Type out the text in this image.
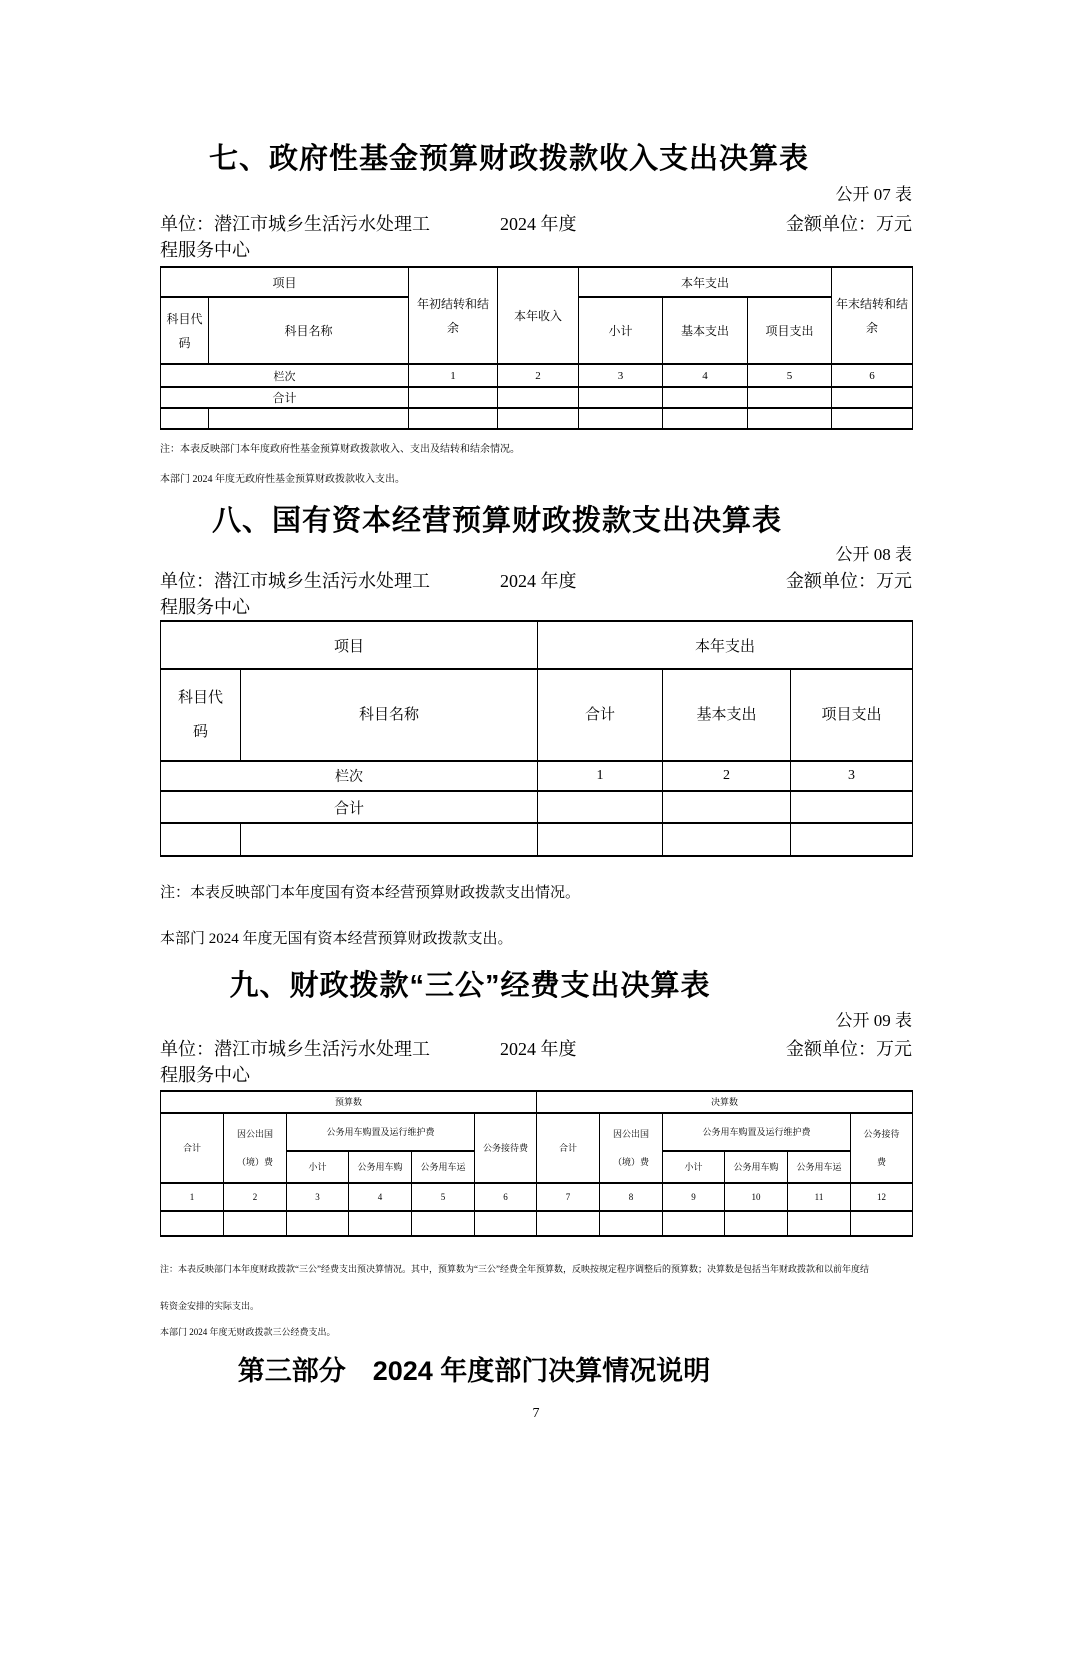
七、政府性基金预算财政拨款收入支出决算表
公开 07 表
单位：潜江市城乡生活污水处理工
程服务中心
2024 年度	金额单位：万元
项目		年初结转和结余	本年收入	本年支出			年末结转和结余
科目代码	科目名称			小计	基本支出	项目支出	
栏次		1	2	3	4	5	6
合计							

注：本表反映部门本年度政府性基金预算财政拨款收入、支出及结转和结余情况。

本部门 2024 年度无政府性基金预算财政拨款收入支出。

八、国有资本经营预算财政拨款支出决算表
公开 08 表
单位：潜江市城乡生活污水处理工
程服务中心
2024 年度	金额单位：万元
项目		本年支出		
科目代码	科目名称	合计	基本支出	项目支出
栏次		1	2	3
合计				

注：本表反映部门本年度国有资本经营预算财政拨款支出情况。

本部门 2024 年度无国有资本经营预算财政拨款支出。

九、财政拨款“三公”经费支出决算表
公开 09 表
单位：潜江市城乡生活污水处理工
程服务中心
2024 年度	金额单位：万元
预算数						决算数					
合计	因公出国（境）费	公务用车购置及运行维护费			公务接待费	合计	因公出国（境）费	公务用车购置及运行维护费			公务接待费
		小计	公务用车购	公务用车运				小计	公务用车购	公务用车运	
1	2	3	4	5	6	7	8	9	10	11	12

注：本表反映部门本年度财政拨款“三公”经费支出预决算情况。其中，预算数为“三公”经费全年预算数，反映按规定程序调整后的预算数；决算数是包括当年财政拨款和以前年度结
转资金安排的实际支出。

本部门 2024 年度无财政拨款三公经费支出。

第三部分　2024 年度部门决算情况说明
7
